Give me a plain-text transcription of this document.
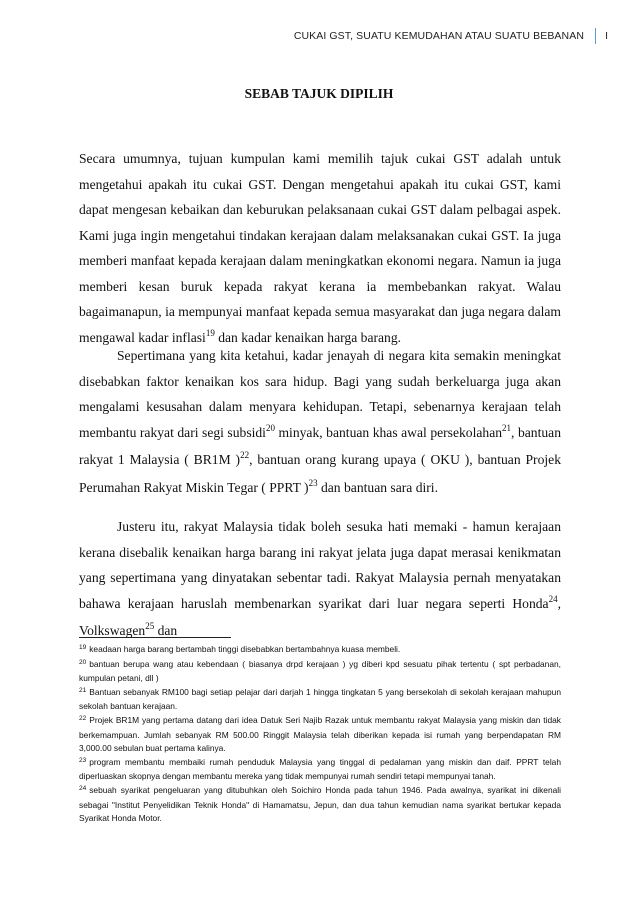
CUKAI GST, SUATU KEMUDAHAN ATAU SUATU BEBANAN I
SEBAB TAJUK DIPILIH
Secara umumnya, tujuan kumpulan kami memilih tajuk cukai GST adalah untuk mengetahui apakah itu cukai GST. Dengan mengetahui apakah itu cukai GST, kami dapat mengesan kebaikan dan keburukan pelaksanaan cukai GST dalam pelbagai aspek. Kami juga ingin mengetahui tindakan kerajaan dalam melaksanakan cukai GST. Ia juga memberi manfaat kepada kerajaan dalam meningkatkan ekonomi negara. Namun ia juga memberi kesan buruk kepada rakyat kerana ia membebankan rakyat. Walau bagaimanapun, ia mempunyai manfaat kepada semua masyarakat dan juga negara dalam mengawal kadar inflasi$^{19}$ dan kadar kenaikan harga barang.
Sepertimana yang kita ketahui, kadar jenayah di negara kita semakin meningkat disebabkan faktor kenaikan kos sara hidup. Bagi yang sudah berkeluarga juga akan mengalami kesusahan dalam menyara kehidupan. Tetapi, sebenarnya kerajaan telah membantu rakyat dari segi subsidi$^{20}$ minyak, bantuan khas awal persekolahan$^{21}$, bantuan rakyat 1 Malaysia ( BR1M )$^{22}$, bantuan orang kurang upaya ( OKU ), bantuan Projek Perumahan Rakyat Miskin Tegar ( PPRT )$^{23}$ dan bantuan sara diri.
Justeru itu, rakyat Malaysia tidak boleh sesuka hati memaki - hamun kerajaan kerana disebalik kenaikan harga barang ini rakyat jelata juga dapat merasai kenikmatan yang sepertimana yang dinyatakan sebentar tadi. Rakyat Malaysia pernah menyatakan bahawa kerajaan haruslah membenarkan syarikat dari luar negara seperti Honda$^{24}$, Volkswagen$^{25}$ dan

$^{19}$ keadaan harga barang bertambah tinggi disebabkan bertambahnya kuasa membeli.

$^{20}$ bantuan berupa wang atau kebendaan ( biasanya drpd kerajaan ) yg diberi kpd sesuatu pihak tertentu ( spt perbadanan, kumpulan petani, dll )

$^{21}$ Bantuan sebanyak RM100 bagi setiap pelajar dari darjah 1 hingga tingkatan 5 yang bersekolah di sekolah kerajaan mahupun sekolah bantuan kerajaan.

$^{22}$ Projek BR1M yang pertama datang dari idea Datuk Seri Najib Razak untuk membantu rakyat Malaysia yang miskin dan tidak berkemampuan. Jumlah sebanyak RM 500.00 Ringgit Malaysia telah diberikan kepada isi rumah yang berpendapatan RM 3,000.00 sebulan buat pertama kalinya.

$^{23}$ program membantu membaiki rumah penduduk Malaysia yang tinggal di pedalaman yang miskin dan daif. PPRT telah diperluaskan skopnya dengan membantu mereka yang tidak mempunyai rumah sendiri tetapi mempunyai tanah.

$^{24}$ sebuah syarikat pengeluaran yang ditubuhkan oleh Soichiro Honda pada tahun 1946. Pada awalnya, syarikat ini dikenali sebagai "Institut Penyelidikan Teknik Honda" di Hamamatsu, Jepun, dan dua tahun kemudian nama syarikat bertukar kepada Syarikat Honda Motor.
